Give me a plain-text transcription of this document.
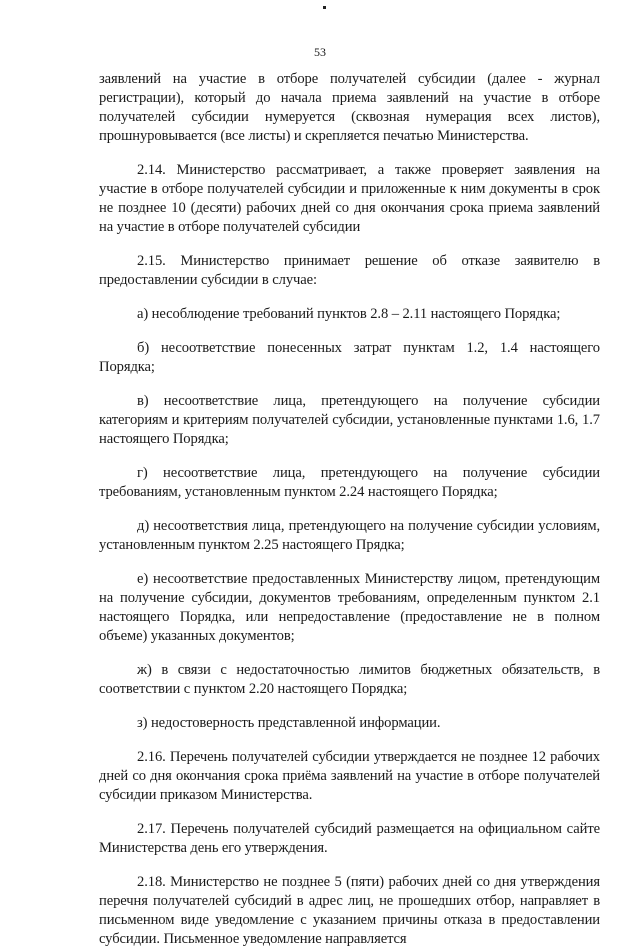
53

заявлений на участие в отборе получателей субсидии (далее - журнал регистрации), который до начала приема заявлений на участие в отборе получателей субсидии нумеруется (сквозная нумерация всех листов), прошнуровывается (все листы) и скрепляется печатью Министерства.

2.14. Министерство рассматривает, а также проверяет заявления на участие в отборе получателей субсидии и приложенные к ним документы в срок не позднее 10 (десяти) рабочих дней со дня окончания срока приема заявлений на участие в отборе получателей субсидии

2.15. Министерство принимает решение об отказе заявителю в предоставлении субсидии в случае:

а) несоблюдение требований пунктов 2.8 – 2.11 настоящего Порядка;

б) несоответствие понесенных затрат пунктам 1.2, 1.4 настоящего Порядка;

в) несоответствие лица, претендующего на получение субсидии категориям и критериям получателей субсидии, установленные пунктами 1.6, 1.7 настоящего Порядка;

г) несоответствие лица, претендующего на получение субсидии требованиям, установленным пунктом 2.24 настоящего Порядка;

д) несоответствия лица, претендующего на получение субсидии условиям, установленным пунктом 2.25 настоящего Прядка;

е) несоответствие предоставленных Министерству лицом, претендующим на получение субсидии, документов требованиям, определенным пунктом 2.1 настоящего Порядка, или непредоставление (предоставление не в полном объеме) указанных документов;

ж) в связи с недостаточностью лимитов бюджетных обязательств, в соответствии с пунктом 2.20 настоящего Порядка;

з) недостоверность представленной информации.

2.16. Перечень получателей субсидии утверждается не позднее 12 рабочих дней со дня окончания срока приёма заявлений на участие в отборе получателей субсидии приказом Министерства.

2.17. Перечень получателей субсидий размещается на официальном сайте Министерства день его утверждения.

2.18. Министерство не позднее 5 (пяти) рабочих дней со дня утверждения перечня получателей субсидий в адрес лиц, не прошедших отбор, направляет в письменном виде уведомление с указанием причины отказа в предоставлении субсидии. Письменное уведомление направляется
